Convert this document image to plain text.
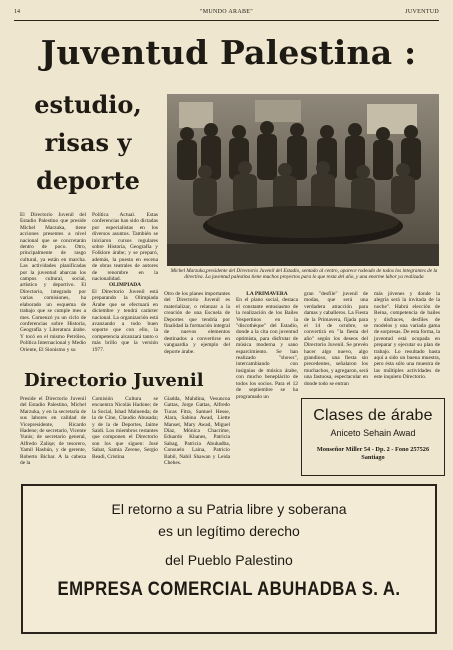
14	"MUNDO ARABE"	JUVENTUD
Juventud Palestina :
estudio,
risas y
deporte
Michel Marzuka,presidente del Directorio Juvenil del Estadio, sentado al centro, aparece rodeado de todos los integrantes de la directiva. La juventud palestina tiene muchos proyectos para lo que resta del año, y una enorme labor ya realizada
El Directorio Juvenil del Estadio Palestino que preside Michel Marzuka, tiene acciones presentes a nivel nacional que se concretarán dentro de poco. Otro, principalmente de rasgo cultural, ya están en marcha. Las actividades planificadas por la juventud abarcan los campos cultural, social, artístico y deportivo. El Directorio, integrado por varias comisiones, ha elaborado un esquema de trabajo que se cumple mes a mes. Comenzó ya un ciclo de conferencias sobre Historia, Geografía y Literatura árabe. Y tocó en el mismo Petróleo, Política Internacional y Medio Oriente, El Sionismo y su
Política Actual. Estas conferencias han sido dictadas por especialistas en los diversos asuntos. También se iniciaron cursos regulares sobre Historia, Geografía y Folklore árabe; y se preparó, además, la puesta en escena de obras teatrales de autores de renombre en la nacionalidad.
OLIMPIADA
El Directorio Juvenil está preparando la Olimpiada Árabe que se efectuará en diciembre y tendrá carácter nacional. La organización está avanzando a todo buen soporte que con ello, la competencia alcanzará tanto o más brillo que la versión 1977.
Otro de los planes importantes del Directorio Juvenil es materializar, o relanzar a la creación de una Escuela de Deportes que tendría por finalidad la formación integral de nuevos elementos destinados a convertirse en vanguardia y ejemplo del deporte árabe.
LA PRIMAVERA
En el plano social, destaca el constante entusiasmo de la realización de los Bailes Vespertinos en la "discothèque" del Estadio, donde a la cita con juventud optimista, para disfrutar de música moderna y sano esparcimiento. Se han realizado "shows", intercambiando con insignias de música árabe, con mucho beneplácito de todos los socios. Para el 12 de septiembre se ha programado un
gran "desfile" juvenil de modas, que será una verdadera atracción para damas y caballeros. La Fiesta de la Primavera, fijada para el 14 de octubre, se convertirá en "la fiesta del año" según los deseos del Directorio Juvenil. Se prevén hacer algo nuevo, algo grandioso, una fiesta sin precedentes, señalaron los muchachos, y agregaron, será una fastuosa, espectacular en donde todo se entran
más jóvenes y donde la alegría será la invitada de la noche". Habrá elección de Reina, competencia de bailes y disfraces, desfiles de modelos y una variada gama de sorpresas. De esta forma, la juventud está ocupada en preparar y ejecutar su plan de trabajo. Lo resultado hasta aquí a sido un buena muestra, pero ésta sólo una muestra de las múltiples actividades de este inquieto Directorio.
Directorio Juvenil
Preside el Directorio Juvenil del Estadio Palestino, Michel Marzuka, y en la secretaría de sus labores en calidad de Vicepresidente, Ricardo Hadene; de secretario, Vicente Yunis; de secretario general, Alfredo Zaliqe; de tesorero, Yamil Hasbún, y de gerente, Roberto Bichar. A la cabeza de la
Comisión Cultura se encuentra Nicolás Hadone; de la Social, Ishad Maluenda; de la de Cine, Claudio Abusada; y de la de Deportes, Jaime Saidi. Los miembros restantes que componen el Directorio son los que siguen: José Sabat, Samia Zerene, Sergio Beadi, Cristina
Giadda, Mahdina, Vesuncoa Gattas, Jorge Gattas, Alfredo Tucas Fitra, Samuel Hesse, Alara, Sabina Awad, Liette Manset, Mary Awad, Miguel Díaz, Mónica Chacrime, Eduardo Khanes, Patricia Sabag, Patricia Abuhadba, Consuelo Laina, Patricio Babil, Nabil Shawan y Leida Chehes.
Clases de árabe
Aniceto Sehain Awad
Monseñor Miller 54 - Dp. 2 - Fono 257526
Santiago
El retorno a su Patria libre y soberana
es un legítimo derecho
del Pueblo Palestino
EMPRESA COMERCIAL ABUHADBA S. A.
